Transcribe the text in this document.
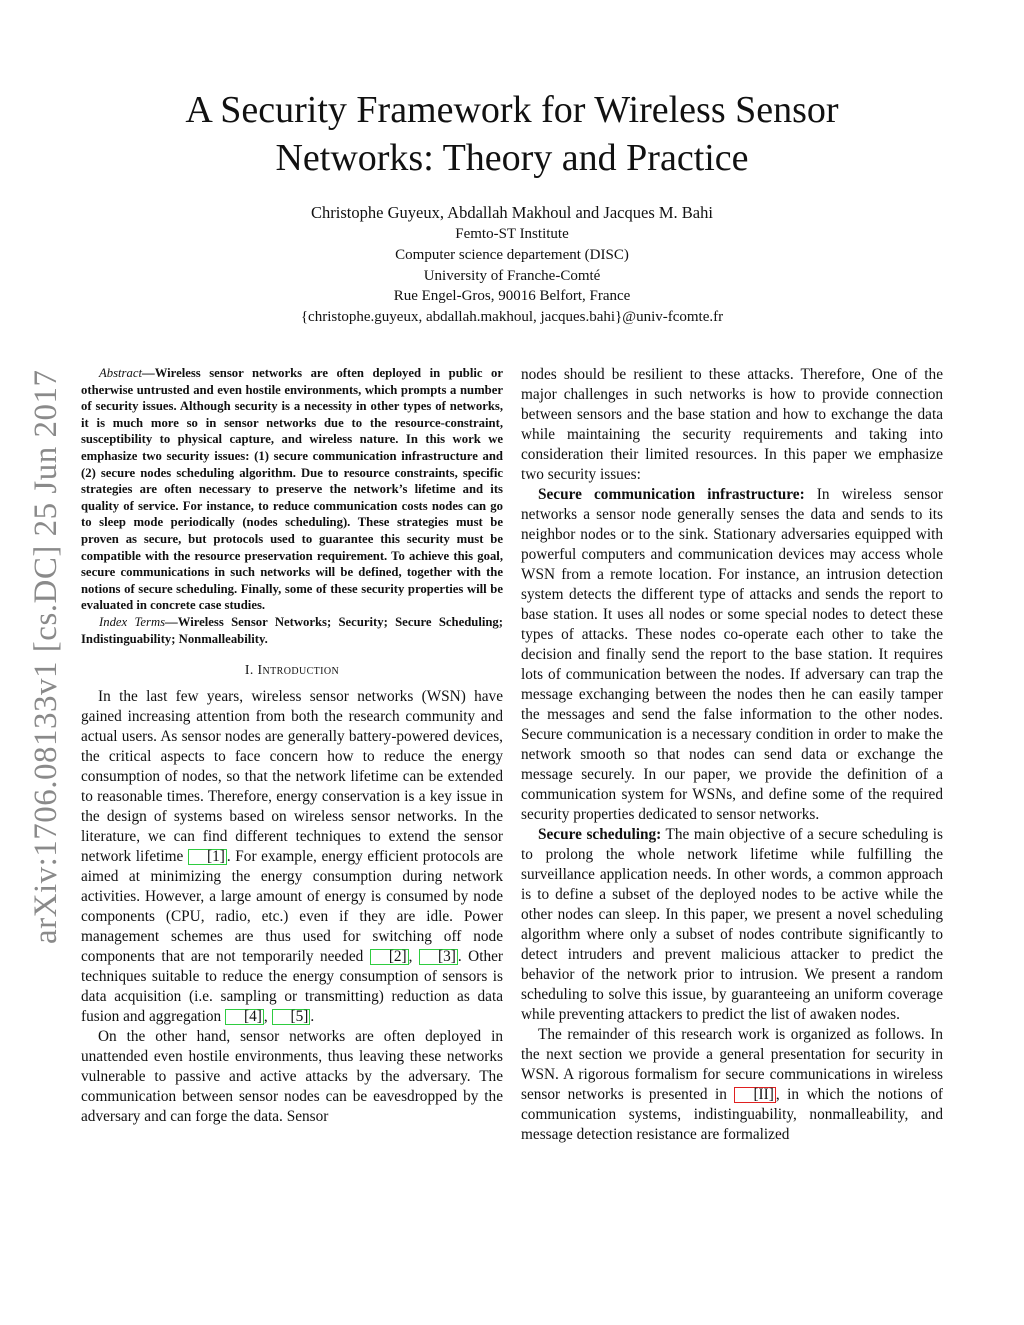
arXiv:1706.08133v1 [cs.DC] 25 Jun 2017
A Security Framework for Wireless Sensor
Networks: Theory and Practice
Christophe Guyeux, Abdallah Makhoul and Jacques M. Bahi
Femto-ST Institute
Computer science departement (DISC)
University of Franche-Comté
Rue Engel-Gros, 90016 Belfort, France
{christophe.guyeux, abdallah.makhoul, jacques.bahi}@univ-fcomte.fr

Abstract—Wireless sensor networks are often deployed in public or otherwise untrusted and even hostile environments, which prompts a number of security issues. Although security is a necessity in other types of networks, it is much more so in sensor networks due to the resource-constraint, susceptibility to physical capture, and wireless nature. In this work we emphasize two security issues: (1) secure communication infrastructure and (2) secure nodes scheduling algorithm. Due to resource constraints, specific strategies are often necessary to preserve the network’s lifetime and its quality of service. For instance, to reduce communication costs nodes can go to sleep mode periodically (nodes scheduling). These strategies must be proven as secure, but protocols used to guarantee this security must be compatible with the resource preservation requirement. To achieve this goal, secure communications in such networks will be defined, together with the notions of secure scheduling. Finally, some of these security properties will be evaluated in concrete case studies.

Index Terms—Wireless Sensor Networks; Security; Secure Scheduling; Indistinguability; Nonmalleability.

I. Introduction

In the last few years, wireless sensor networks (WSN) have gained increasing attention from both the research community and actual users. As sensor nodes are generally battery-powered devices, the critical aspects to face concern how to reduce the energy consumption of nodes, so that the network lifetime can be extended to reasonable times. Therefore, energy conservation is a key issue in the design of systems based on wireless sensor networks. In the literature, we can find different techniques to extend the sensor network lifetime [1] . For example, energy efficient protocols are aimed at minimizing the energy consumption during network activities. However, a large amount of energy is consumed by node components (CPU, radio, etc.) even if they are idle. Power management schemes are thus used for switching off node components that are not temporarily needed [2] , [3] . Other techniques suitable to reduce the energy consumption of sensors is data acquisition (i.e. sampling or transmitting) reduction as data fusion and aggregation [4] , [5] .

On the other hand, sensor networks are often deployed in unattended even hostile environments, thus leaving these networks vulnerable to passive and active attacks by the adversary. The communication between sensor nodes can be eavesdropped by the adversary and can forge the data. Sensor

nodes should be resilient to these attacks. Therefore, One of the major challenges in such networks is how to provide connection between sensors and the base station and how to exchange the data while maintaining the security requirements and taking into consideration their limited resources. In this paper we emphasize two security issues:

Secure communication infrastructure: In wireless sensor networks a sensor node generally senses the data and sends to its neighbor nodes or to the sink. Stationary adversaries equipped with powerful computers and communication devices may access whole WSN from a remote location. For instance, an intrusion detection system detects the different type of attacks and sends the report to base station. It uses all nodes or some special nodes to detect these types of attacks. These nodes co-operate each other to take the decision and finally send the report to the base station. It requires lots of communication between the nodes. If adversary can trap the message exchanging between the nodes then he can easily tamper the messages and send the false information to the other nodes. Secure communication is a necessary condition in order to make the network smooth so that nodes can send data or exchange the message securely. In our paper, we provide the definition of a communication system for WSNs, and define some of the required security properties dedicated to sensor networks.

Secure scheduling: The main objective of a secure scheduling is to prolong the whole network lifetime while fulfilling the surveillance application needs. In other words, a common approach is to define a subset of the deployed nodes to be active while the other nodes can sleep. In this paper, we present a novel scheduling algorithm where only a subset of nodes contribute significantly to detect intruders and prevent malicious attacker to predict the behavior of the network prior to intrusion. We present a random scheduling to solve this issue, by guaranteeing an uniform coverage while preventing attackers to predict the list of awaken nodes.

The remainder of this research work is organized as follows. In the next section we provide a general presentation for security in WSN. A rigorous formalism for secure communications in wireless sensor networks is presented in [II] , in which the notions of communication systems, indistinguability, nonmalleability, and message detection resistance are formalized
